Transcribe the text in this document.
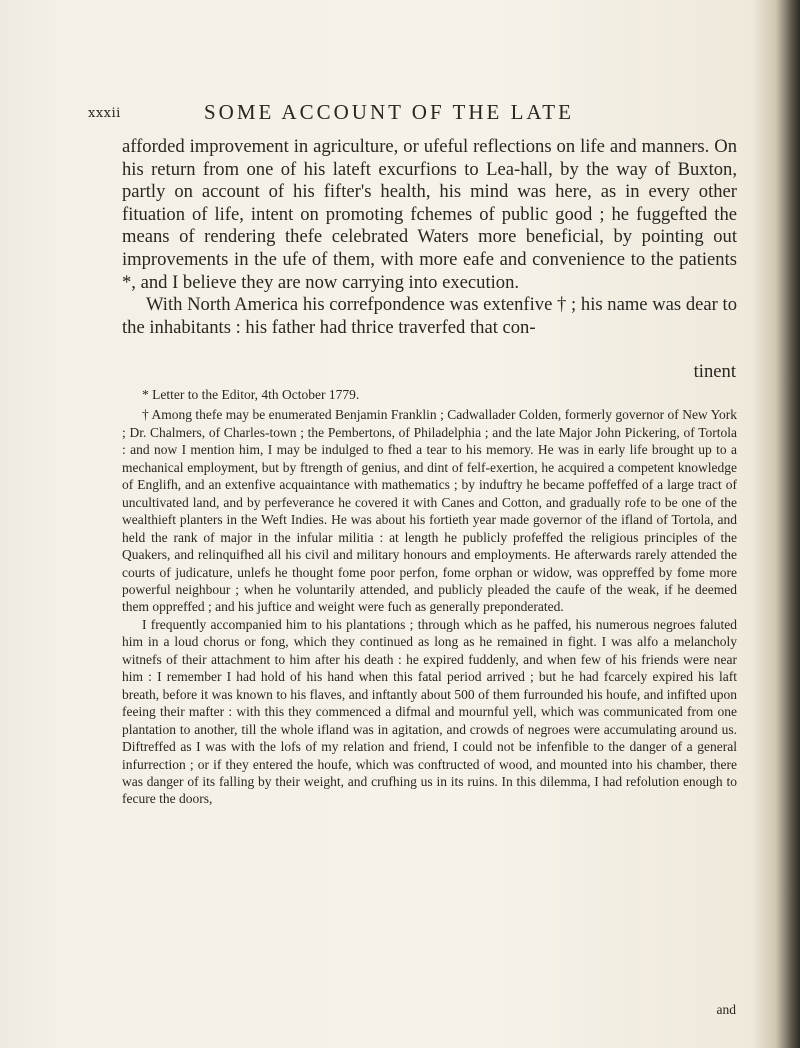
xxxii	SOME ACCOUNT OF THE LATE

afforded improvement in agriculture, or ufeful reflections on life and manners. On his return from one of his lateft excurfions to Lea-hall, by the way of Buxton, partly on account of his fifter's health, his mind was here, as in every other fituation of life, intent on promoting fchemes of public good ; he fuggefted the means of rendering thefe celebrated Waters more beneficial, by pointing out improvements in the ufe of them, with more eafe and convenience to the patients *, and I believe they are now carrying into execution.

With North America his correfpondence was extenfive † ; his name was dear to the inhabitants : his father had thrice traverfed that con-

tinent

* Letter to the Editor, 4th October 1779.

† Among thefe may be enumerated Benjamin Franklin ; Cadwallader Colden, formerly governor of New York ; Dr. Chalmers, of Charles-town ; the Pembertons, of Philadelphia ; and the late Major John Pickering, of Tortola : and now I mention him, I may be indulged to fhed a tear to his memory. He was in early life brought up to a mechanical employment, but by ftrength of genius, and dint of felf-exertion, he acquired a competent knowledge of Englifh, and an extenfive acquaintance with mathematics ; by induftry he became poffeffed of a large tract of uncultivated land, and by perfeverance he covered it with Canes and Cotton, and gradually rofe to be one of the wealthieft planters in the Weft Indies. He was about his fortieth year made governor of the ifland of Tortola, and held the rank of major in the infular militia : at length he publicly profeffed the religious principles of the Quakers, and relinquifhed all his civil and military honours and employments. He afterwards rarely attended the courts of judicature, unlefs he thought fome poor perfon, fome orphan or widow, was oppreffed by fome more powerful neighbour ; when he voluntarily attended, and publicly pleaded the caufe of the weak, if he deemed them oppreffed ; and his juftice and weight were fuch as generally preponderated.

I frequently accompanied him to his plantations ; through which as he paffed, his numerous negroes faluted him in a loud chorus or fong, which they continued as long as he remained in fight. I was alfo a melancholy witnefs of their attachment to him after his death : he expired fuddenly, and when few of his friends were near him : I remember I had hold of his hand when this fatal period arrived ; but he had fcarcely expired his laft breath, before it was known to his flaves, and inftantly about 500 of them furrounded his houfe, and infifted upon feeing their mafter : with this they commenced a difmal and mournful yell, which was communicated from one plantation to another, till the whole ifland was in agitation, and crowds of negroes were accumulating around us. Diftreffed as I was with the lofs of my relation and friend, I could not be infenfible to the danger of a general infurrection ; or if they entered the houfe, which was conftructed of wood, and mounted into his chamber, there was danger of its falling by their weight, and crufhing us in its ruins. In this dilemma, I had refolution enough to fecure the doors,

and
